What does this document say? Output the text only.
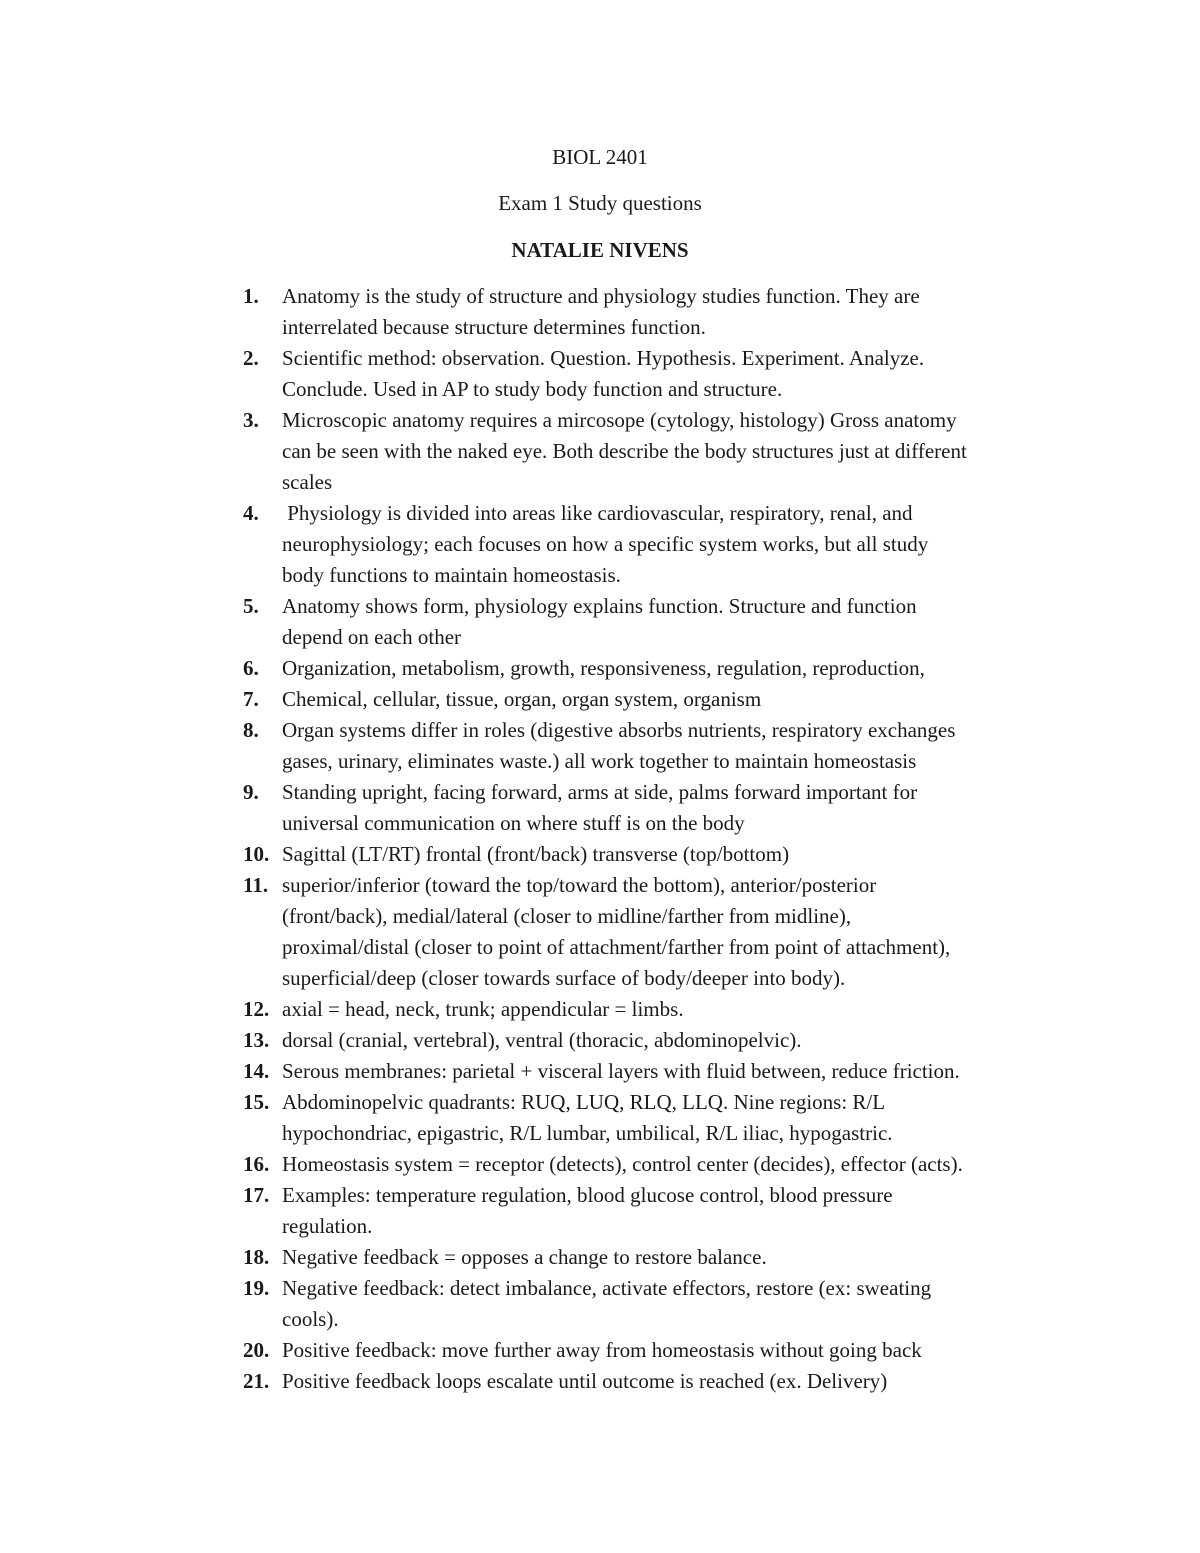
BIOL 2401
Exam 1 Study questions
NATALIE NIVENS
1.	Anatomy is the study of structure and physiology studies function. They are
interrelated because structure determines function.
2.	Scientific method: observation. Question. Hypothesis. Experiment. Analyze.
Conclude. Used in AP to study body function and structure.
3.	Microscopic anatomy requires a mircosope (cytology, histology) Gross anatomy
can be seen with the naked eye. Both describe the body structures just at different
scales
4.	Physiology is divided into areas like cardiovascular, respiratory, renal, and
neurophysiology; each focuses on how a specific system works, but all study
body functions to maintain homeostasis.
5.	Anatomy shows form, physiology explains function. Structure and function
depend on each other
6.	Organization, metabolism, growth, responsiveness, regulation, reproduction,
7.	Chemical, cellular, tissue, organ, organ system, organism
8.	Organ systems differ in roles (digestive absorbs nutrients, respiratory exchanges
gases, urinary, eliminates waste.) all work together to maintain homeostasis
9.	Standing upright, facing forward, arms at side, palms forward important for
universal communication on where stuff is on the body
10. Sagittal (LT/RT) frontal (front/back) transverse (top/bottom)
11. superior/inferior (toward the top/toward the bottom), anterior/posterior
(front/back), medial/lateral (closer to midline/farther from midline),
proximal/distal (closer to point of attachment/farther from point of attachment),
superficial/deep (closer towards surface of body/deeper into body).
12. axial = head, neck, trunk; appendicular = limbs.
13. dorsal (cranial, vertebral), ventral (thoracic, abdominopelvic).
14. Serous membranes: parietal + visceral layers with fluid between, reduce friction.
15. Abdominopelvic quadrants: RUQ, LUQ, RLQ, LLQ. Nine regions: R/L
hypochondriac, epigastric, R/L lumbar, umbilical, R/L iliac, hypogastric.
16. Homeostasis system = receptor (detects), control center (decides), effector (acts).
17. Examples: temperature regulation, blood glucose control, blood pressure
regulation.
18. Negative feedback = opposes a change to restore balance.
19. Negative feedback: detect imbalance, activate effectors, restore (ex: sweating
cools).
20. Positive feedback: move further away from homeostasis without going back
21. Positive feedback loops escalate until outcome is reached (ex. Delivery)
